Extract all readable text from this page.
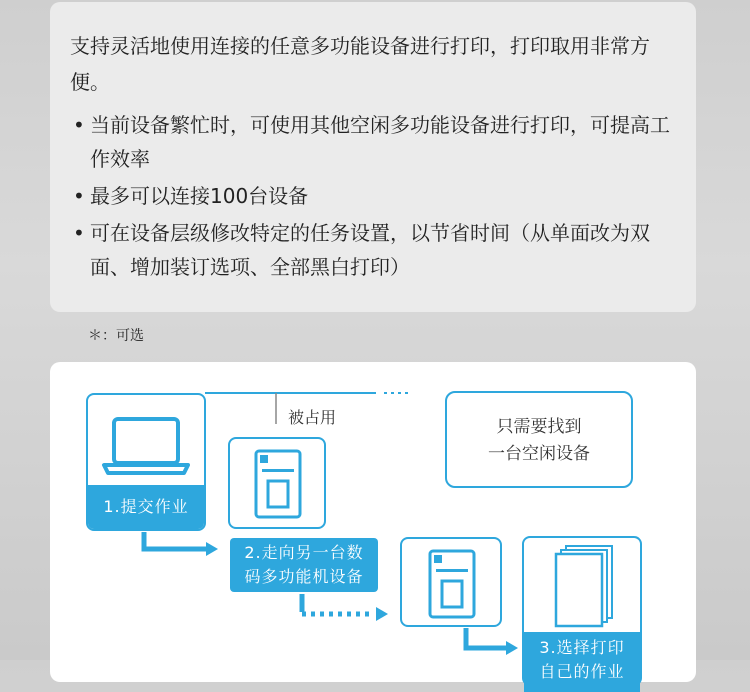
支持灵活地使用连接的任意多功能设备进行打印，打印取用非常方便。

• 当前设备繁忙时，可使用其他空闲多功能设备进行打印，可提高工作效率
• 最多可以连接100台设备
• 可在设备层级修改特定的任务设置，以节省时间（从单面改为双面、增加装订选项、全部黑白打印）
＊：可选
1.提交作业
被占用	只需要找到
一台空闲设备
2.走向另一台数
码多功能机设备
3.选择打印
自己的作业
